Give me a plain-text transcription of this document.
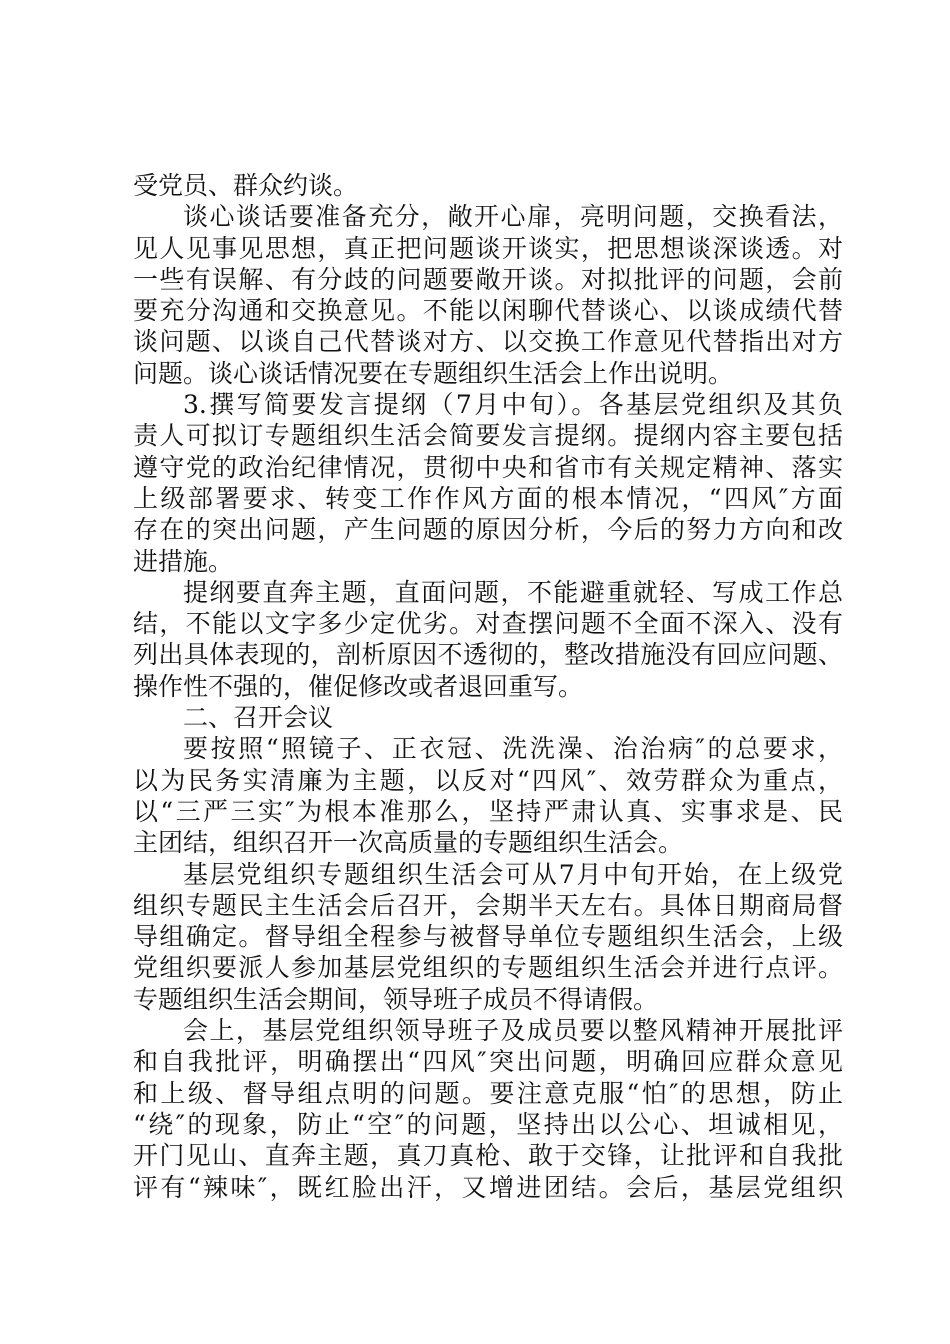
受党员、群众约谈。
谈心谈话要准备充分，敞开心扉，亮明问题，交换看法，
见人见事见思想，真正把问题谈开谈实，把思想谈深谈透。对
一些有误解、有分歧的问题要敞开谈。对拟批评的问题，会前
要充分沟通和交换意见。不能以闲聊代替谈心、以谈成绩代替
谈问题、以谈自己代替谈对方、以交换工作意见代替指出对方
问题。谈心谈话情况要在专题组织生活会上作出说明。
3.撰写简要发言提纲（7月中旬）。各基层党组织及其负
责人可拟订专题组织生活会简要发言提纲。提纲内容主要包括
遵守党的政治纪律情况，贯彻中央和省市有关规定精神、落实
上级部署要求、转变工作作风方面的根本情况，“四风″方面
存在的突出问题，产生问题的原因分析，今后的努力方向和改
进措施。
提纲要直奔主题，直面问题，不能避重就轻、写成工作总
结，不能以文字多少定优劣。对查摆问题不全面不深入、没有
列出具体表现的，剖析原因不透彻的，整改措施没有回应问题、
操作性不强的，催促修改或者退回重写。
二、召开会议
要按照“照镜子、正衣冠、洗洗澡、治治病″的总要求，
以为民务实清廉为主题，以反对“四风″、效劳群众为重点，
以“三严三实″为根本准那么，坚持严肃认真、实事求是、民
主团结，组织召开一次高质量的专题组织生活会。
基层党组织专题组织生活会可从7月中旬开始，在上级党
组织专题民主生活会后召开，会期半天左右。具体日期商局督
导组确定。督导组全程参与被督导单位专题组织生活会，上级
党组织要派人参加基层党组织的专题组织生活会并进行点评。
专题组织生活会期间，领导班子成员不得请假。
会上，基层党组织领导班子及成员要以整风精神开展批评
和自我批评，明确摆出“四风″突出问题，明确回应群众意见
和上级、督导组点明的问题。要注意克服“怕″的思想，防止
“绕″的现象，防止“空″的问题，坚持出以公心、坦诚相见，
开门见山、直奔主题，真刀真枪、敢于交锋，让批评和自我批
评有“辣味″，既红脸出汗，又增进团结。会后，基层党组织
